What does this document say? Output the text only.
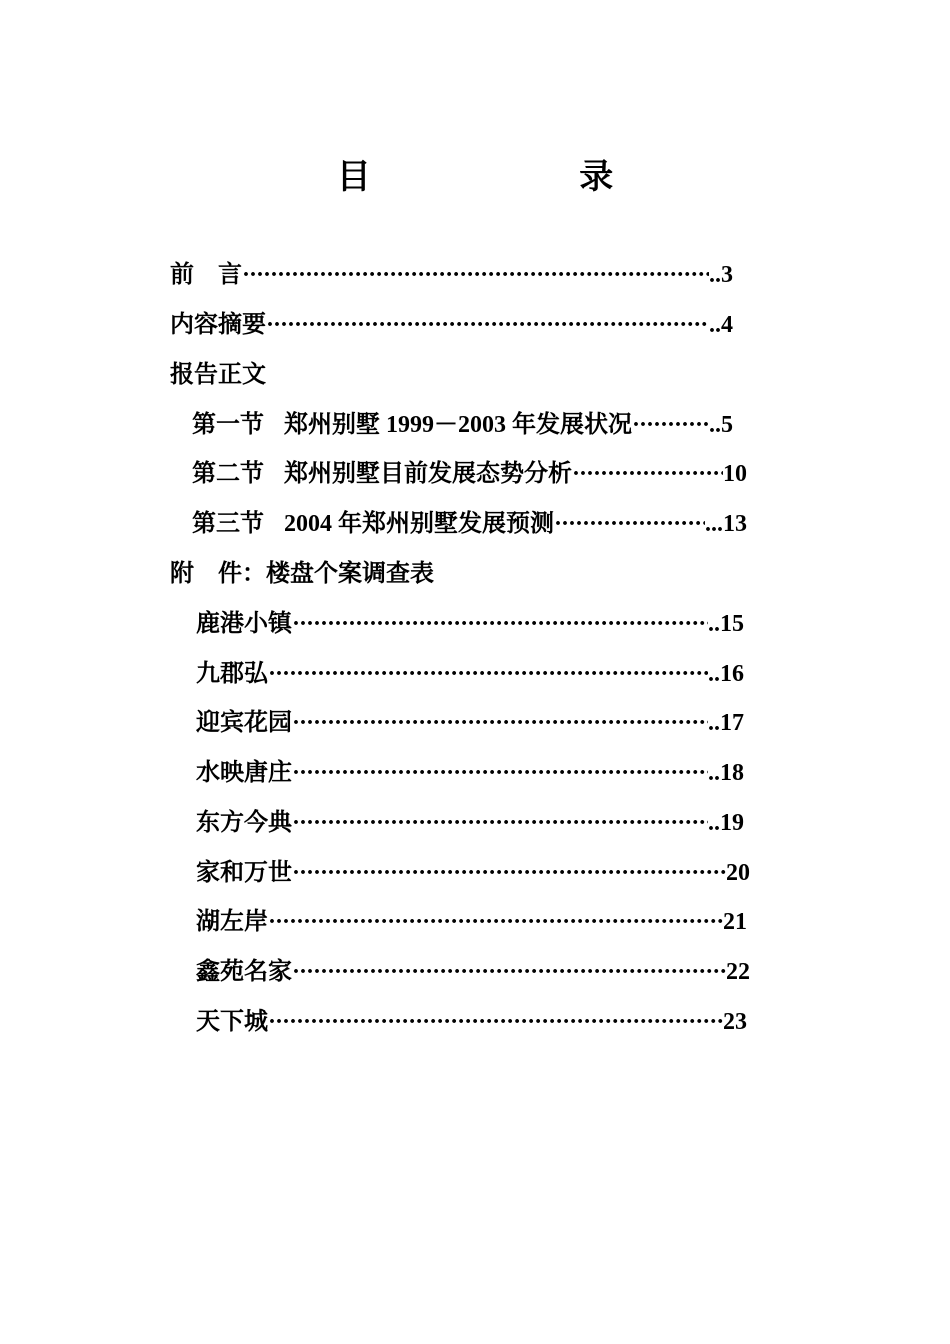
目 录
前　言 ·····	..3
内容摘要 ·····	..4
报告正文
第一节 郑州别墅 1999－2003 年发展状况 ·····	..5
第二节 郑州别墅目前发展态势分析 ·····	10
第三节 2004 年郑州别墅发展预测 ·····	...13
附　件：楼盘个案调查表
鹿港小镇 ·····	..15
九郡弘 ·····	..16
迎宾花园 ·····	..17
水映唐庄 ·····	..18
东方今典 ·····	..19
家和万世 ·····	20
湖左岸 ·····	21
鑫苑名家 ·····	22
天下城 ·····	23
